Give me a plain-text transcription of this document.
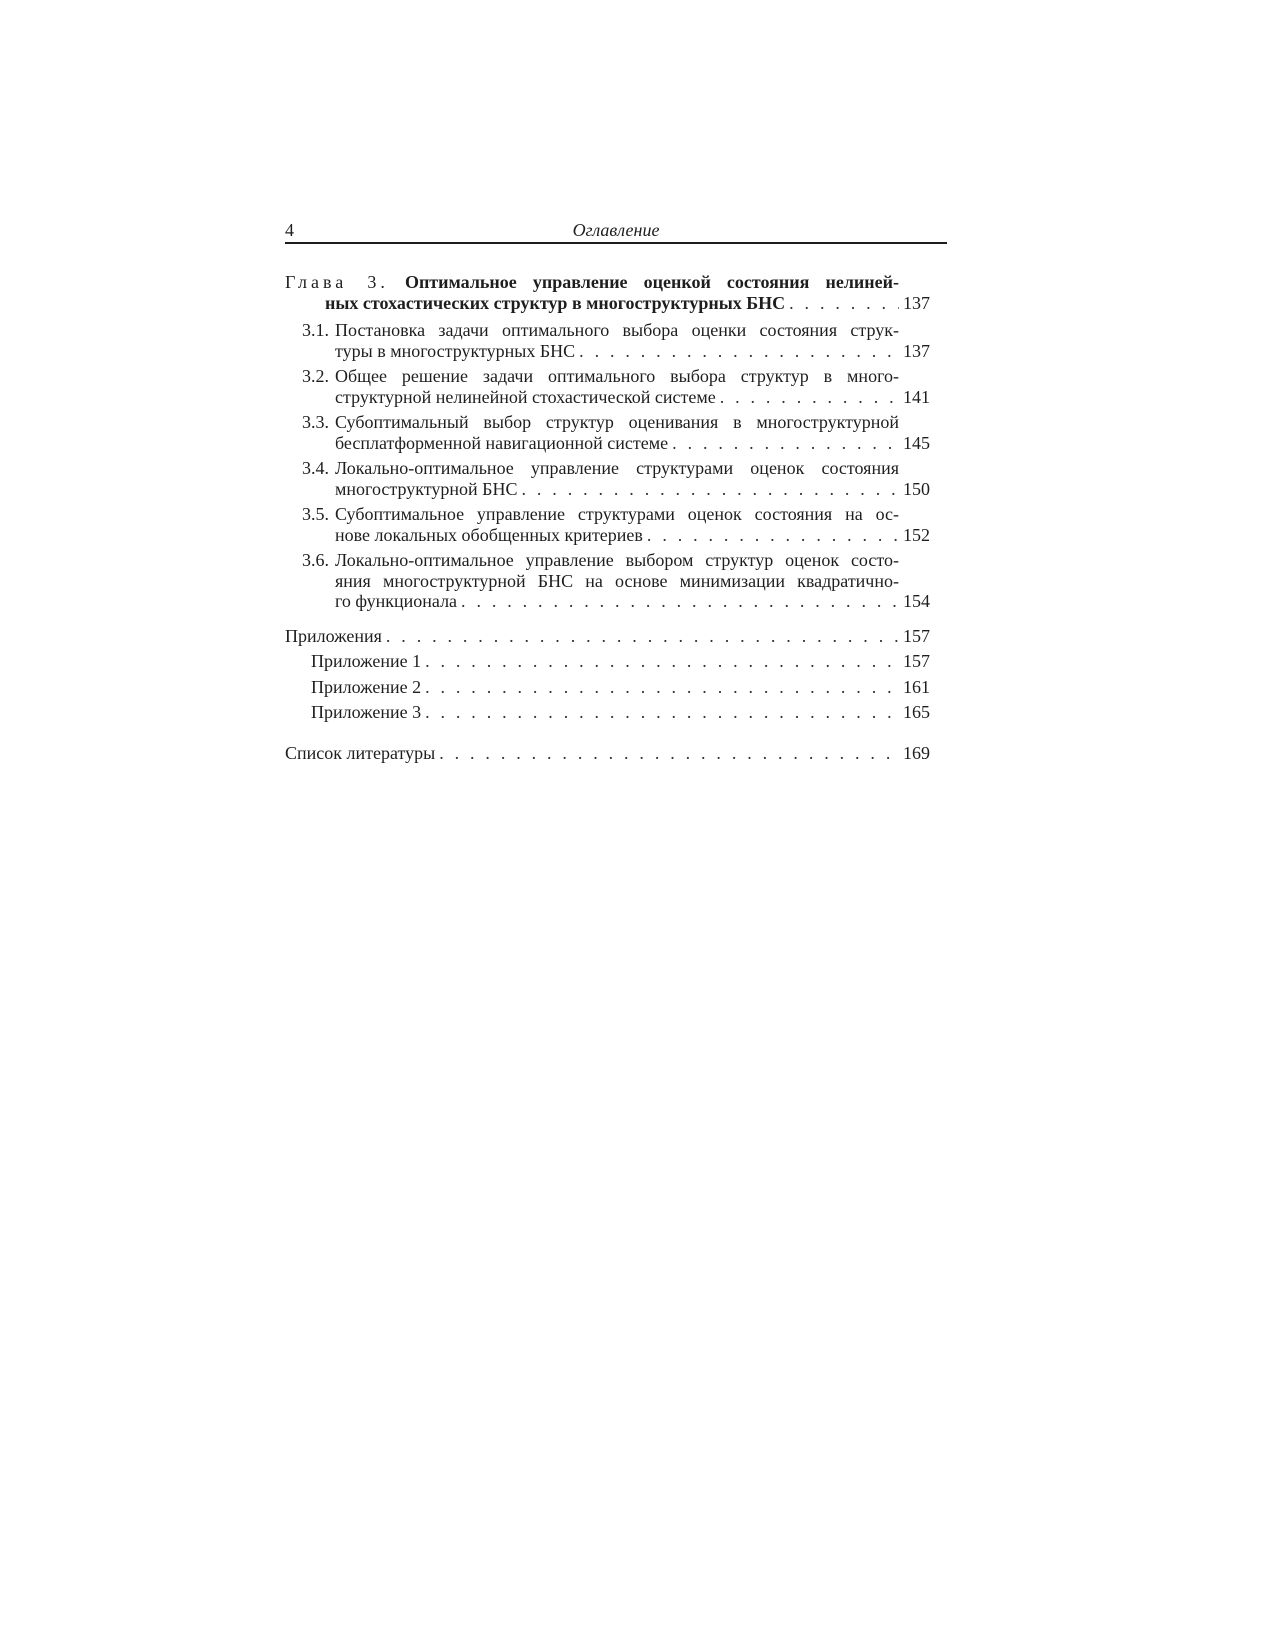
4	Оглавление
Глава 3. Оптимальное управление оценкой состояния нелиней-
ных стохастических структур в многоструктурных БНС . . .	137
3.1. Постановка задачи оптимального выбора оценки состояния струк-
туры в многоструктурных БНС . . .	137
3.2. Общее решение задачи оптимального выбора структур в много-
структурной нелинейной стохастической системе . . .	141
3.3. Субоптимальный выбор структур оценивания в многоструктурной
бесплатформенной навигационной системе . . .	145
3.4. Локально-оптимальное управление структурами оценок состояния
многоструктурной БНС . . .	150
3.5. Субоптимальное управление структурами оценок состояния на ос-
нове локальных обобщенных критериев . . .	152
3.6. Локально-оптимальное управление выбором структур оценок состо-
яния многоструктурной БНС на основе минимизации квадратично-
го функционала . . .	154
Приложения . . .	157
Приложение 1 . . .	157
Приложение 2 . . .	161
Приложение 3 . . .	165
Список литературы . . .	169
